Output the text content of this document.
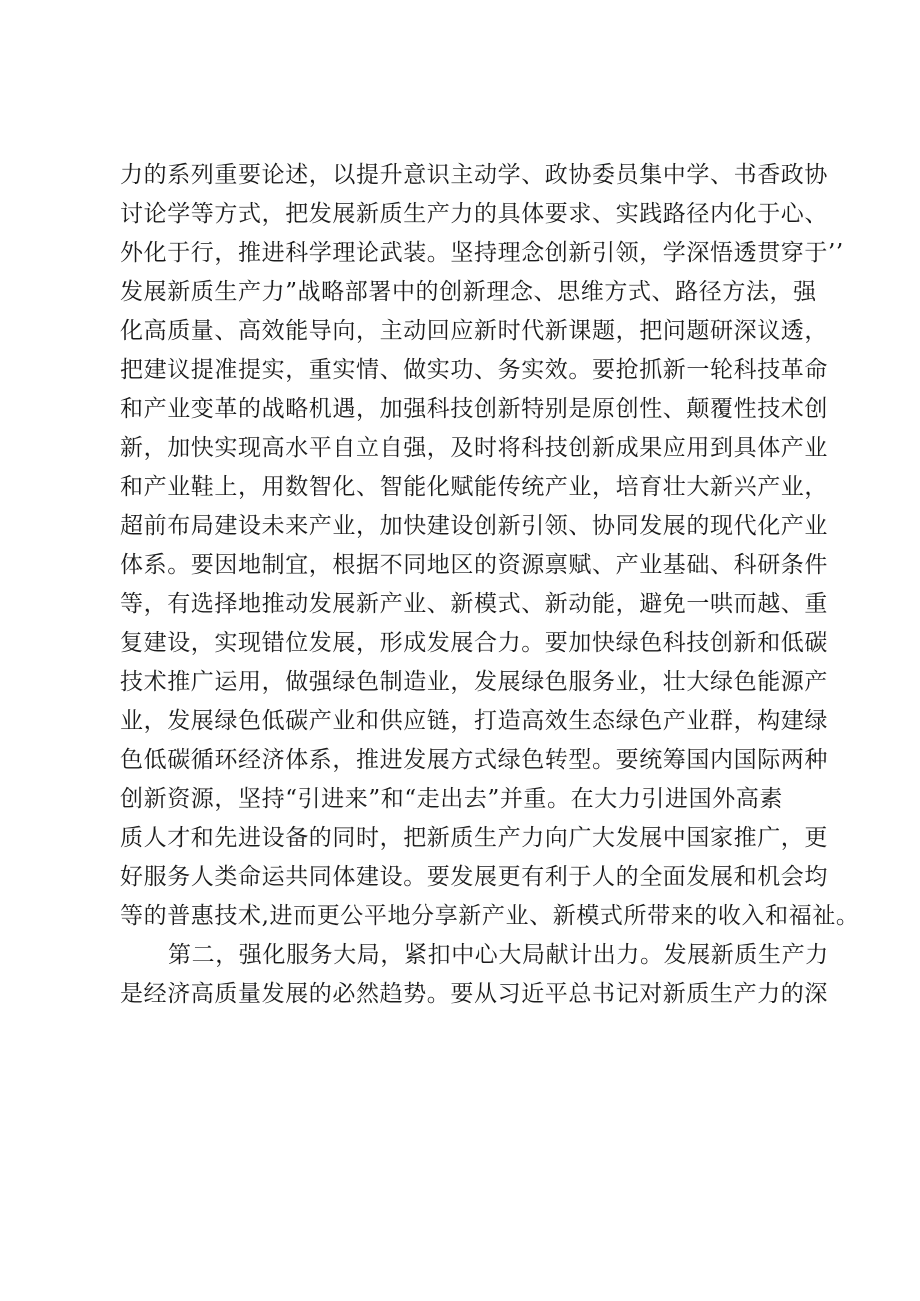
力的系列重要论述，以提升意识主动学、政协委员集中学、书香政协
讨论学等方式，把发展新质生产力的具体要求、实践路径内化于心、
外化于行，推进科学理论武装。坚持理念创新引领，学深悟透贯穿于’’
发展新质生产力”战略部署中的创新理念、思维方式、路径方法，强
化高质量、高效能导向，主动回应新时代新课题，把问题研深议透，
把建议提准提实，重实情、做实功、务实效。要抢抓新一轮科技革命
和产业变革的战略机遇，加强科技创新特别是原创性、颠覆性技术创
新，加快实现高水平自立自强，及时将科技创新成果应用到具体产业
和产业鞋上，用数智化、智能化赋能传统产业，培育壮大新兴产业，
超前布局建设未来产业，加快建设创新引领、协同发展的现代化产业
体系。要因地制宜，根据不同地区的资源禀赋、产业基础、科研条件
等，有选择地推动发展新产业、新模式、新动能，避免一哄而越、重
复建设，实现错位发展，形成发展合力。要加快绿色科技创新和低碳
技术推广运用，做强绿色制造业，发展绿色服务业，壮大绿色能源产
业，发展绿色低碳产业和供应链，打造高效生态绿色产业群，构建绿
色低碳循环经济体系，推进发展方式绿色转型。要统筹国内国际两种
创新资源，坚持“引进来”和“走出去”并重。在大力引进国外高素
质人才和先进设备的同时，把新质生产力向广大发展中国家推广，更
好服务人类命运共同体建设。要发展更有利于人的全面发展和机会均
等的普惠技术,进而更公平地分享新产业、新模式所带来的收入和福祉。
第二，强化服务大局，紧扣中心大局献计出力。发展新质生产力
是经济高质量发展的必然趋势。要从习近平总书记对新质生产力的深
